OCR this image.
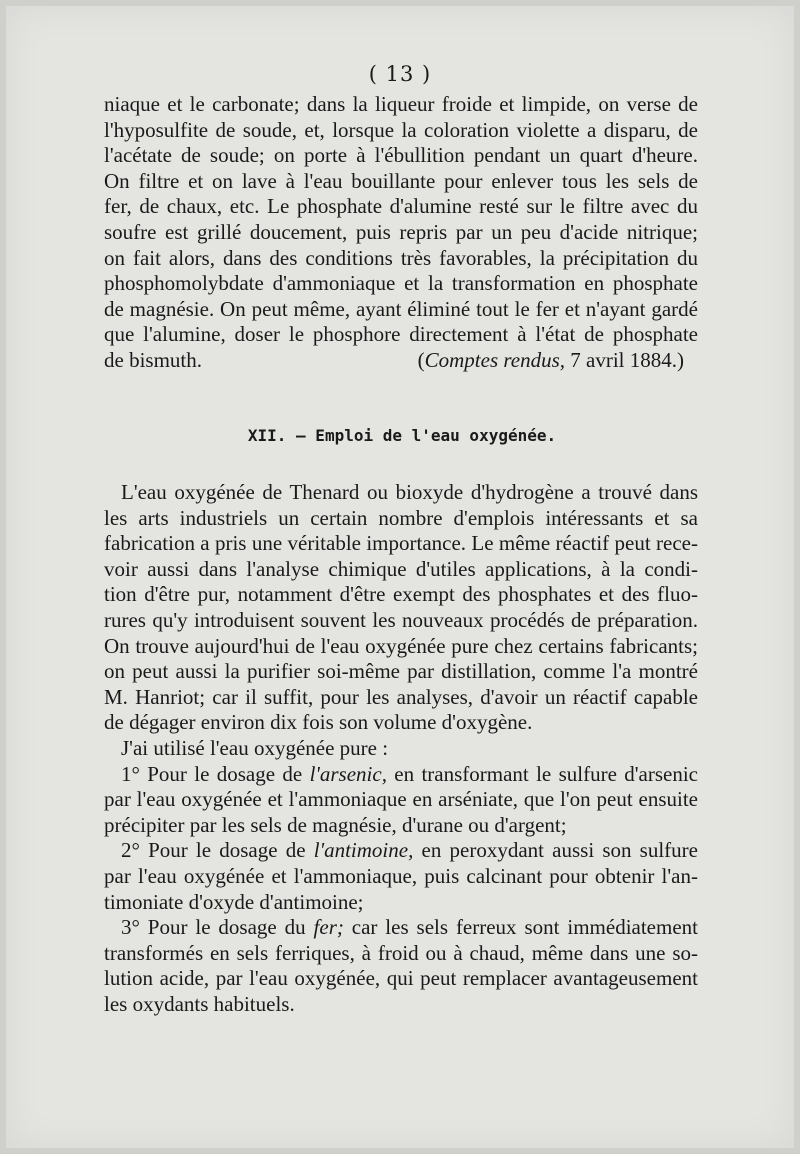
( 13 )
niaque et le carbonate; dans la liqueur froide et limpide, on verse de
l'hyposulfite de soude, et, lorsque la coloration violette a disparu, de
l'acétate de soude; on porte à l'ébullition pendant un quart d'heure.
On filtre et on lave à l'eau bouillante pour enlever tous les sels de
fer, de chaux, etc. Le phosphate d'alumine resté sur le filtre avec du
soufre est grillé doucement, puis repris par un peu d'acide nitrique;
on fait alors, dans des conditions très favorables, la précipitation du
phosphomolybdate d'ammoniaque et la transformation en phosphate
de magnésie. On peut même, ayant éliminé tout le fer et n'ayant gardé
que l'alumine, doser le phosphore directement à l'état de phosphate
de bismuth.	(Comptes rendus, 7 avril 1884.)
XII. — Emploi de l'eau oxygénée.
L'eau oxygénée de Thenard ou bioxyde d'hydrogène a trouvé dans
les arts industriels un certain nombre d'emplois intéressants et sa
fabrication a pris une véritable importance. Le même réactif peut rece-
voir aussi dans l'analyse chimique d'utiles applications, à la condi-
tion d'être pur, notamment d'être exempt des phosphates et des fluo-
rures qu'y introduisent souvent les nouveaux procédés de préparation.
On trouve aujourd'hui de l'eau oxygénée pure chez certains fabricants;
on peut aussi la purifier soi-même par distillation, comme l'a montré
M. Hanriot; car il suffit, pour les analyses, d'avoir un réactif capable
de dégager environ dix fois son volume d'oxygène.
J'ai utilisé l'eau oxygénée pure :
1° Pour le dosage de l'arsenic, en transformant le sulfure d'arsenic
par l'eau oxygénée et l'ammoniaque en arséniate, que l'on peut ensuite
précipiter par les sels de magnésie, d'urane ou d'argent;
2° Pour le dosage de l'antimoine, en peroxydant aussi son sulfure
par l'eau oxygénée et l'ammoniaque, puis calcinant pour obtenir l'an-
timoniate d'oxyde d'antimoine;
3° Pour le dosage du fer; car les sels ferreux sont immédiatement
transformés en sels ferriques, à froid ou à chaud, même dans une so-
lution acide, par l'eau oxygénée, qui peut remplacer avantageusement
les oxydants habituels.
